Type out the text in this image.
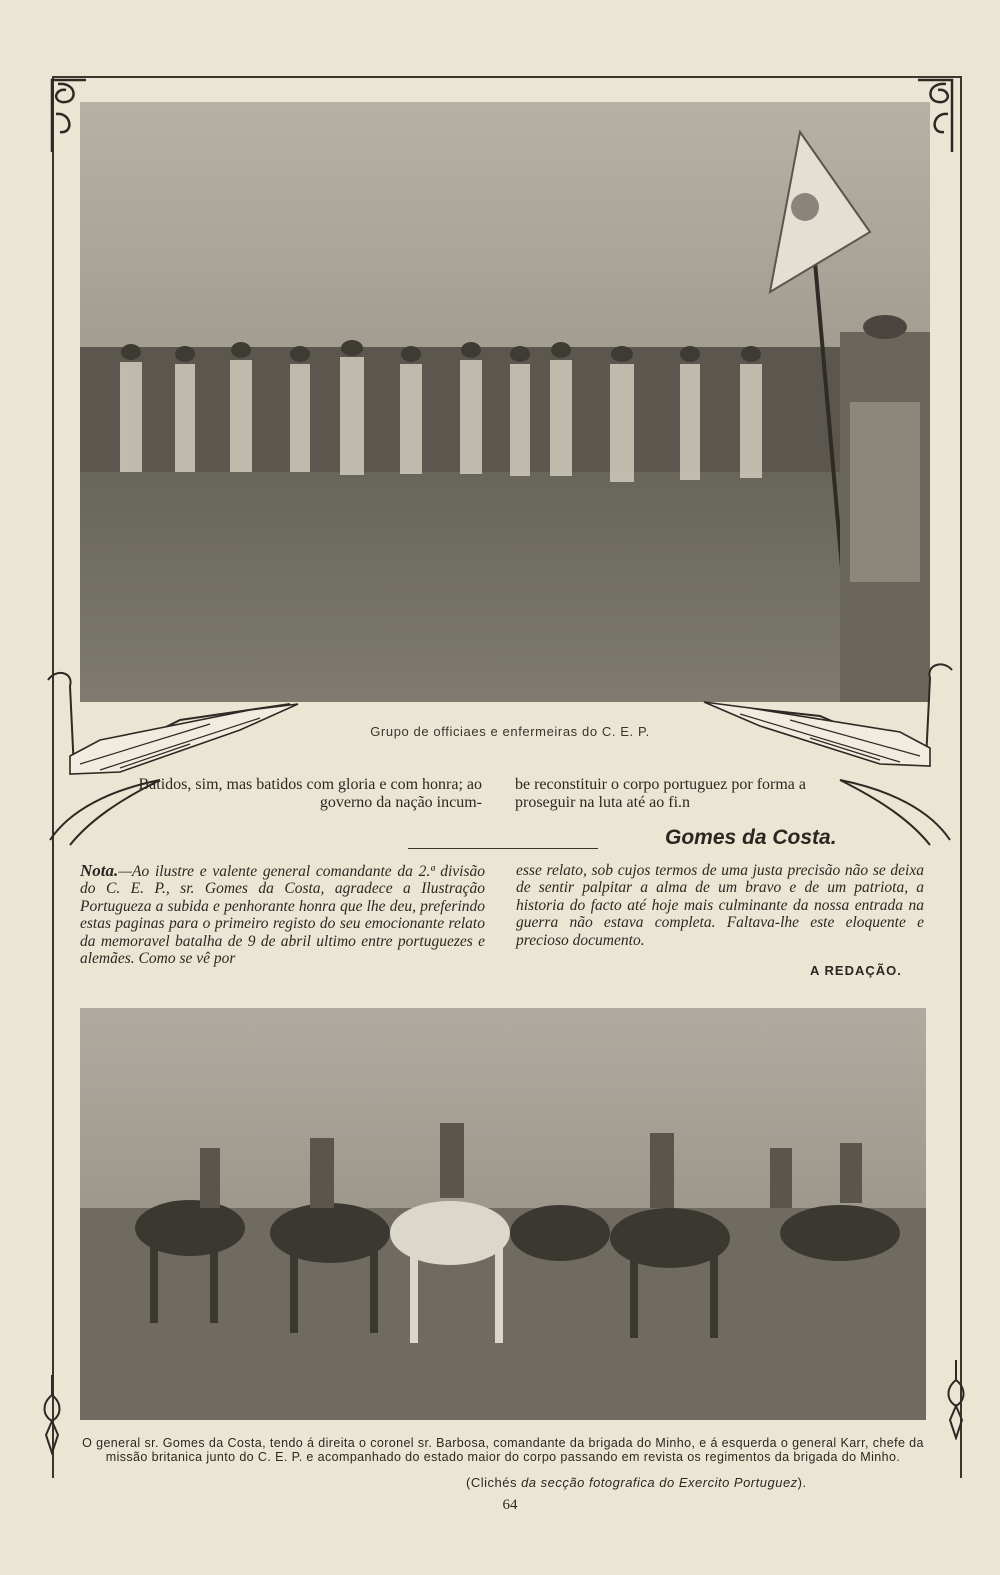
Grupo de officiaes e enfermeiras do C. E. P.
Batidos, sim, mas batidos com gloria e com honra; ao governo da nação incum-
be reconstituir o corpo portuguez por forma a proseguir na luta até ao fi.n
Gomes da Costa.
Nota.—Ao ilustre e valente general comandante da 2.ª divisão do C. E. P., sr. Gomes da Costa, agradece a Ilustração Portugueza a subida e penhorante honra que lhe deu, preferindo estas paginas para o primeiro registo do seu emocionante relato da memoravel batalha de 9 de abril ultimo entre portuguezes e alemães. Como se vê por
esse relato, sob cujos termos de uma justa precisão não se deixa de sentir palpitar a alma de um bravo e de um patriota, a historia do facto até hoje mais culminante da nossa entrada na guerra não estava completa. Faltava-lhe este eloquente e precioso documento.
A REDAÇÃO.
O general sr. Gomes da Costa, tendo á direita o coronel sr. Barbosa, comandante da brigada do Minho, e á esquerda o general Karr, chefe da missão britanica junto do C. E. P. e acompanhado do estado maior do corpo passando em revista os regimentos da brigada do Minho.
(Clichés da secção fotografica do Exercito Portuguez).
64
